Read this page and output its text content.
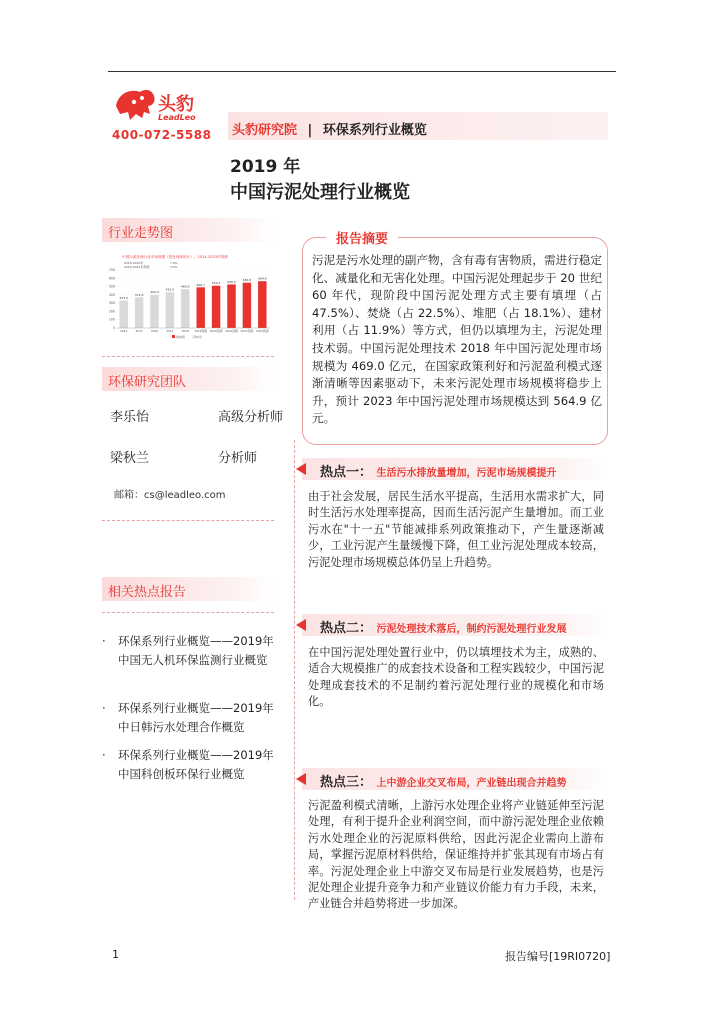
头豹
LeadLeo
400-072-5588 头豹研究院 | 环保系列行业概览
2019 年
中国污泥处理行业概览
行业走势图
中国污泥处理行业市场规模（按处理体积计），2014-2023年预测
2014-2018年
2019-2023年预测
7.9%
3.6%
0
100
200
300
400
500
600
700
333.0
2014
371.0
2015
402.0
2016
432.0
2017
469.0
2018
490.7
2019预测
510.2
2020预测
526.0
2021预测
546.8
2022预测
564.9
2023预测
按体积	万吨/年
环保研究团队
李乐怡	高级分析师
梁秋兰	分析师
邮箱：cs@leadleo.com
相关热点报告
· 环保系列行业概览——2019年中国无人机环保监测行业概览
· 环保系列行业概览——2019年中日韩污水处理合作概览
· 环保系列行业概览——2019年中国科创板环保行业概览
报告摘要
污泥是污水处理的副产物，含有毒有害物质，需进行稳定化、减量化和无害化处理。中国污泥处理起步于 20 世纪 60 年代，现阶段中国污泥处理方式主要有填埋（占 47.5%）、焚烧（占 22.5%）、堆肥（占 18.1%）、建材利用（占 11.9%）等方式，但仍以填埋为主，污泥处理技术弱。中国污泥处理技术 2018 年中国污泥处理市场规模为 469.0 亿元，在国家政策利好和污泥盈利模式逐渐清晰等因素驱动下，未来污泥处理市场规模将稳步上升，预计 2023 年中国污泥处理市场规模达到 564.9 亿元。
热点一： 生活污水排放量增加，污泥市场规模提升
由于社会发展，居民生活水平提高，生活用水需求扩大，同时生活污水处理率提高，因而生活污泥产生量增加。而工业污水在"十一五"节能减排系列政策推动下，产生量逐渐减少，工业污泥产生量缓慢下降，但工业污泥处理成本较高，污泥处理市场规模总体仍呈上升趋势。
热点二： 污泥处理技术落后，制约污泥处理行业发展
在中国污泥处理处置行业中，仍以填埋技术为主，成熟的、适合大规模推广的成套技术设备和工程实践较少，中国污泥处理成套技术的不足制约着污泥处理行业的规模化和市场化。
热点三： 上中游企业交叉布局，产业链出现合并趋势
污泥盈利模式清晰，上游污水处理企业将产业链延伸至污泥处理，有利于提升企业利润空间，而中游污泥处理企业依赖污水处理企业的污泥原料供给，因此污泥企业需向上游布局，掌握污泥原材料供给，保证维持并扩张其现有市场占有率。污泥处理企业上中游交叉布局是行业发展趋势，也是污泥处理企业提升竞争力和产业链议价能力有力手段，未来，产业链合并趋势将进一步加深。
1	报告编号[19RI0720]
